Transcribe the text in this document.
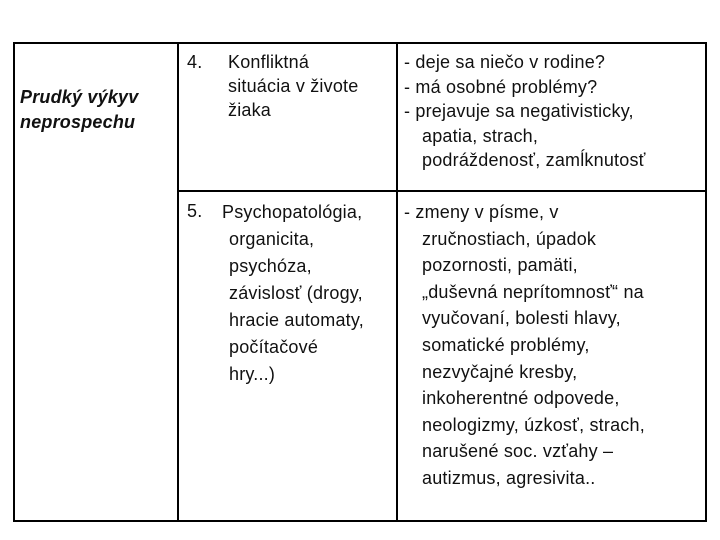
Prudký výkyv
neprospechu
4. Konfliktná
situácia v živote
žiaka
- deje sa niečo v rodine?
- má osobné problémy?
- prejavuje sa negativisticky,
apatia, strach,
podráždenosť, zamĺknutosť
5. Psychopatológia,
organicita,
psychóza,
závislosť (drogy,
hracie automaty,
počítačové
hry...)
- zmeny v písme, v
zručnostiach, úpadok
pozornosti, pamäti,
„duševná neprítomnosť“ na
vyučovaní, bolesti hlavy,
somatické problémy,
nezvyčajné kresby,
inkoherentné odpovede,
neologizmy, úzkosť, strach,
narušené soc. vzťahy –
autizmus, agresivita..
